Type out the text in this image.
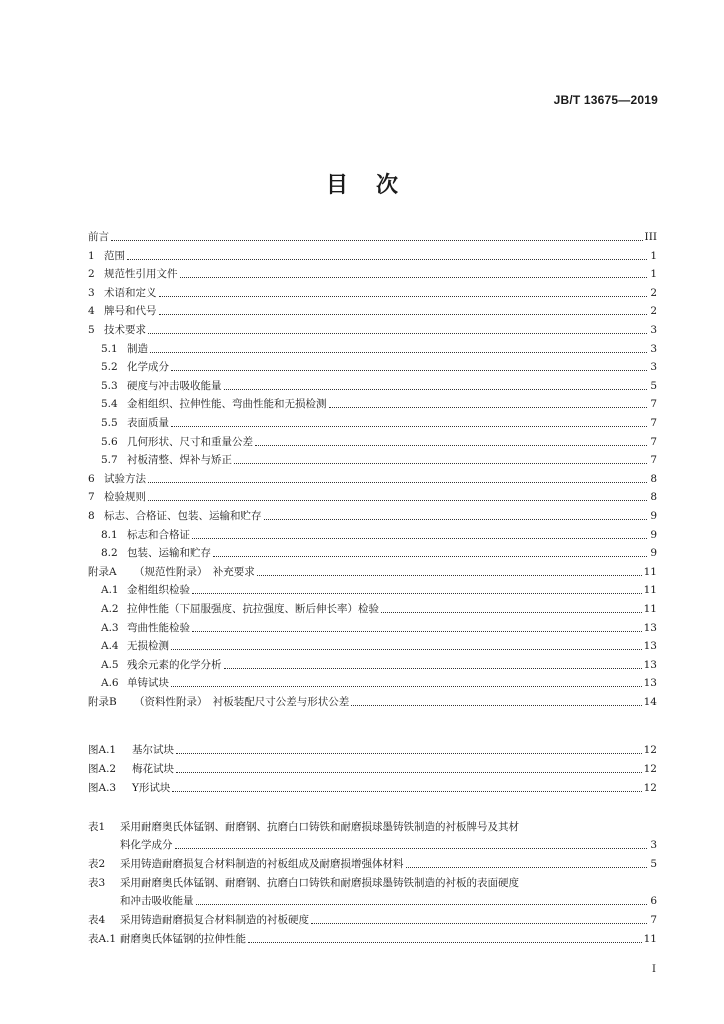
JB/T 13675—2019
目次
前言	III
1 范围	1
2 规范性引用文件	1
3 术语和定义	2
4 牌号和代号	2
5 技术要求	3
5.1 制造	3
5.2 化学成分	3
5.3 硬度与冲击吸收能量	5
5.4 金相组织、拉伸性能、弯曲性能和无损检测	7
5.5 表面质量	7
5.6 几何形状、尺寸和重量公差	7
5.7 衬板清整、焊补与矫正	7
6 试验方法	8
7 检验规则	8
8 标志、合格证、包装、运输和贮存	9
8.1 标志和合格证	9
8.2 包装、运输和贮存	9
附录A	（规范性附录）　补充要求	11
A.1 金相组织检验	11
A.2 拉伸性能（下屈服强度、抗拉强度、断后伸长率）检验	11
A.3 弯曲性能检验	13
A.4 无损检测	13
A.5 残余元素的化学分析	13
A.6 单铸试块	13
附录B	（资料性附录）　衬板装配尺寸公差与形状公差	14
图A.1	基尔试块	12
图A.2	梅花试块	12
图A.3	Y形试块	12
表1	采用耐磨奥氏体锰钢、耐磨钢、抗磨白口铸铁和耐磨损球墨铸铁制造的衬板牌号及其材
料化学成分	3
表2	采用铸造耐磨损复合材料制造的衬板组成及耐磨损增强体材料	5
表3	采用耐磨奥氏体锰钢、耐磨钢、抗磨白口铸铁和耐磨损球墨铸铁制造的衬板的表面硬度
和冲击吸收能量	6
表4	采用铸造耐磨损复合材料制造的衬板硬度	7
表A.1 耐磨奥氏体锰钢的拉伸性能	11
I
